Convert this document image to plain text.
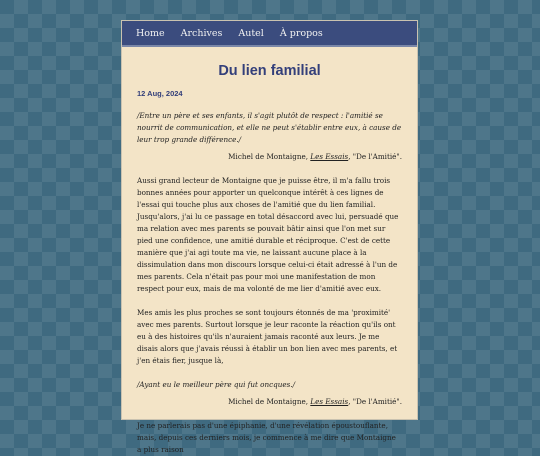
Home Archives Autel À propos
Du lien familial
12 Aug, 2024

/Entre un père et ses enfants, il s'agit plutôt de respect : l'amitié se nourrit de communication, et elle ne peut s'établir entre eux, à cause de leur trop grande différence./

Michel de Montaigne, Les Essais, "De l'Amitié".

Aussi grand lecteur de Montaigne que je puisse être, il m'a fallu trois bonnes années pour apporter un quelconque intérêt à ces lignes de l'essai qui touche plus aux choses de l'amitié que du lien familial. Jusqu'alors, j'ai lu ce passage en total désaccord avec lui, persuadé que ma relation avec mes parents se pouvait bâtir ainsi que l'on met sur pied une confidence, une amitié durable et réciproque. C'est de cette manière que j'ai agi toute ma vie, ne laissant aucune place à la dissimulation dans mon discours lorsque celui-ci était adressé à l'un de mes parents. Cela n'était pas pour moi une manifestation de mon respect pour eux, mais de ma volonté de me lier d'amitié avec eux.

Mes amis les plus proches se sont toujours étonnés de ma 'proximité' avec mes parents. Surtout lorsque je leur raconte la réaction qu'ils ont eu à des histoires qu'ils n'auraient jamais raconté aux leurs. Je me disais alors que j'avais réussi à établir un bon lien avec mes parents, et j'en étais fier, jusque là,

/Ayant eu le meilleur père qui fut oncques./

Michel de Montaigne, Les Essais, "De l'Amitié".

Je ne parlerais pas d'une épiphanie, d'une révélation époustouflante, mais, depuis ces derniers mois, je commence à me dire que Montaigne a plus raison
